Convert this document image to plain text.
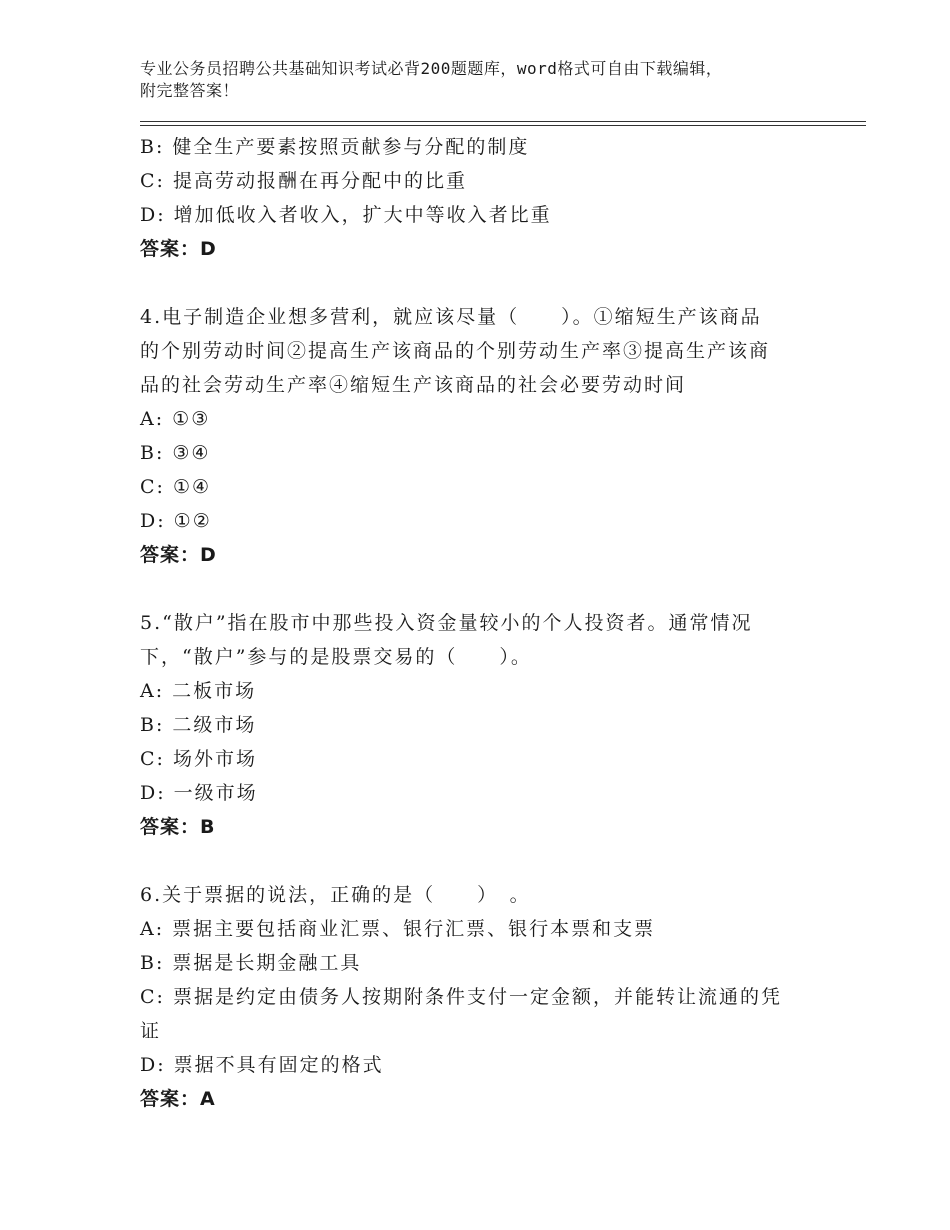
专业公务员招聘公共基础知识考试必背200题题库，word格式可自由下载编辑，
附完整答案！
B: 健全生产要素按照贡献参与分配的制度
C: 提高劳动报酬在再分配中的比重
D: 增加低收入者收入，扩大中等收入者比重
答案：D
4.电子制造企业想多营利，就应该尽量（　　）。①缩短生产该商品
的个别劳动时间②提高生产该商品的个别劳动生产率③提高生产该商
品的社会劳动生产率④缩短生产该商品的社会必要劳动时间
A: ①③
B: ③④
C: ①④
D: ①②
答案：D
5.“散户”指在股市中那些投入资金量较小的个人投资者。通常情况
下，“散户”参与的是股票交易的（　　）。
A: 二板市场
B: 二级市场
C: 场外市场
D: 一级市场
答案：B
6.关于票据的说法，正确的是（　　）　。
A: 票据主要包括商业汇票、银行汇票、银行本票和支票
B: 票据是长期金融工具
C: 票据是约定由债务人按期附条件支付一定金额，并能转让流通的凭
证
D: 票据不具有固定的格式
答案：A
